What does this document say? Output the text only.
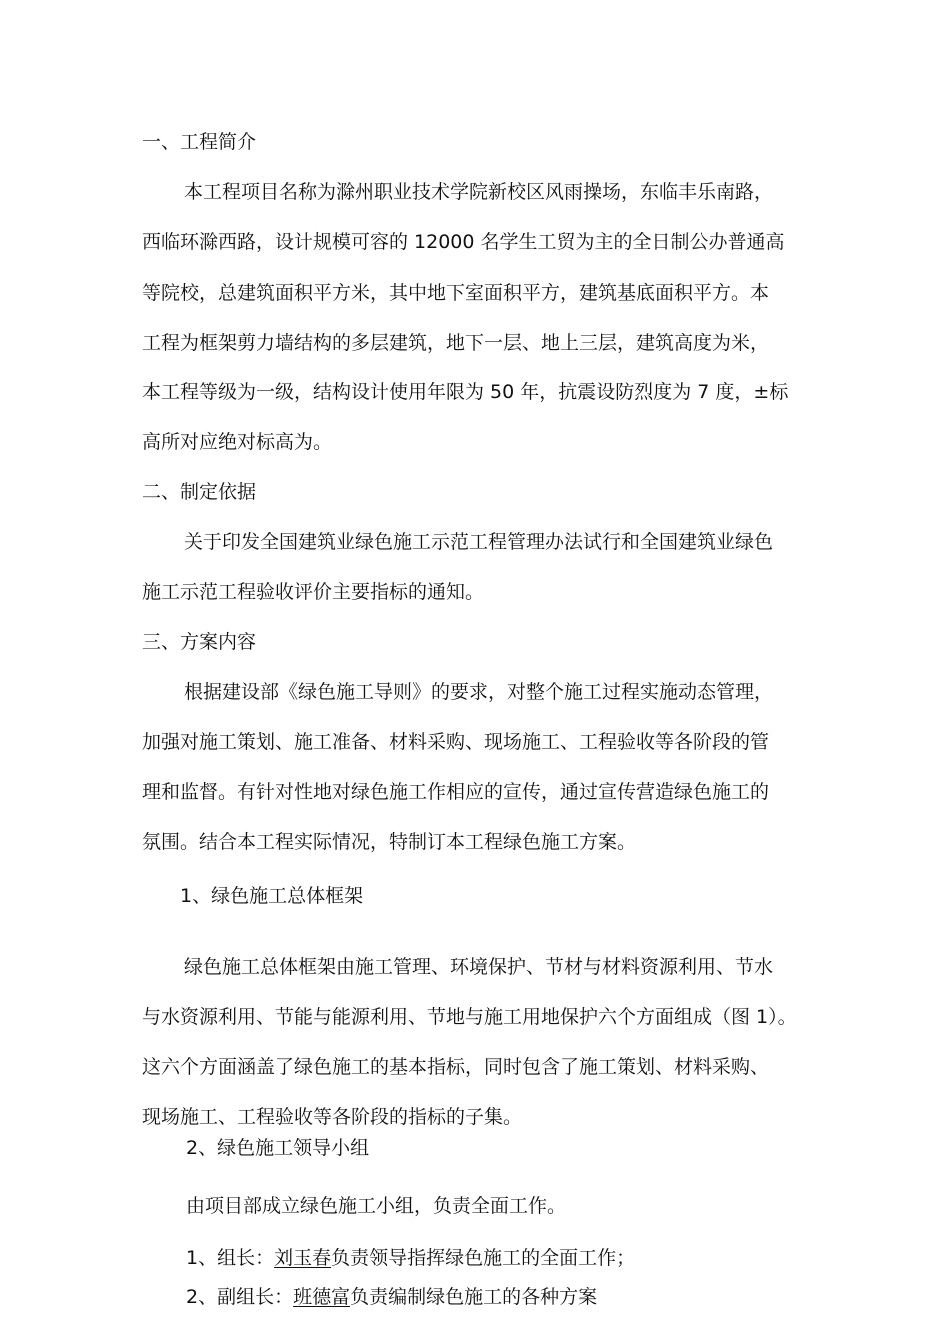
一、工程简介
本工程项目名称为滁州职业技术学院新校区风雨操场，东临丰乐南路，
西临环滁西路，设计规模可容的 12000 名学生工贸为主的全日制公办普通高
等院校，总建筑面积平方米，其中地下室面积平方，建筑基底面积平方。本
工程为框架剪力墙结构的多层建筑，地下一层、地上三层，建筑高度为米，
本工程等级为一级，结构设计使用年限为 50 年，抗震设防烈度为 7 度，±标
高所对应绝对标高为。
二、制定依据
关于印发全国建筑业绿色施工示范工程管理办法试行和全国建筑业绿色
施工示范工程验收评价主要指标的通知。
三、方案内容
根据建设部《绿色施工导则》的要求，对整个施工过程实施动态管理，
加强对施工策划、施工准备、材料采购、现场施工、工程验收等各阶段的管
理和监督。有针对性地对绿色施工作相应的宣传，通过宣传营造绿色施工的
氛围。结合本工程实际情况，特制订本工程绿色施工方案。
1、绿色施工总体框架
绿色施工总体框架由施工管理、环境保护、节材与材料资源利用、节水
与水资源利用、节能与能源利用、节地与施工用地保护六个方面组成（图 1）。
这六个方面涵盖了绿色施工的基本指标，同时包含了施工策划、材料采购、
现场施工、工程验收等各阶段的指标的子集。
2、绿色施工领导小组
由项目部成立绿色施工小组，负责全面工作。
1、组长：刘玉春负责领导指挥绿色施工的全面工作；
2、副组长：班德富负责编制绿色施工的各种方案
